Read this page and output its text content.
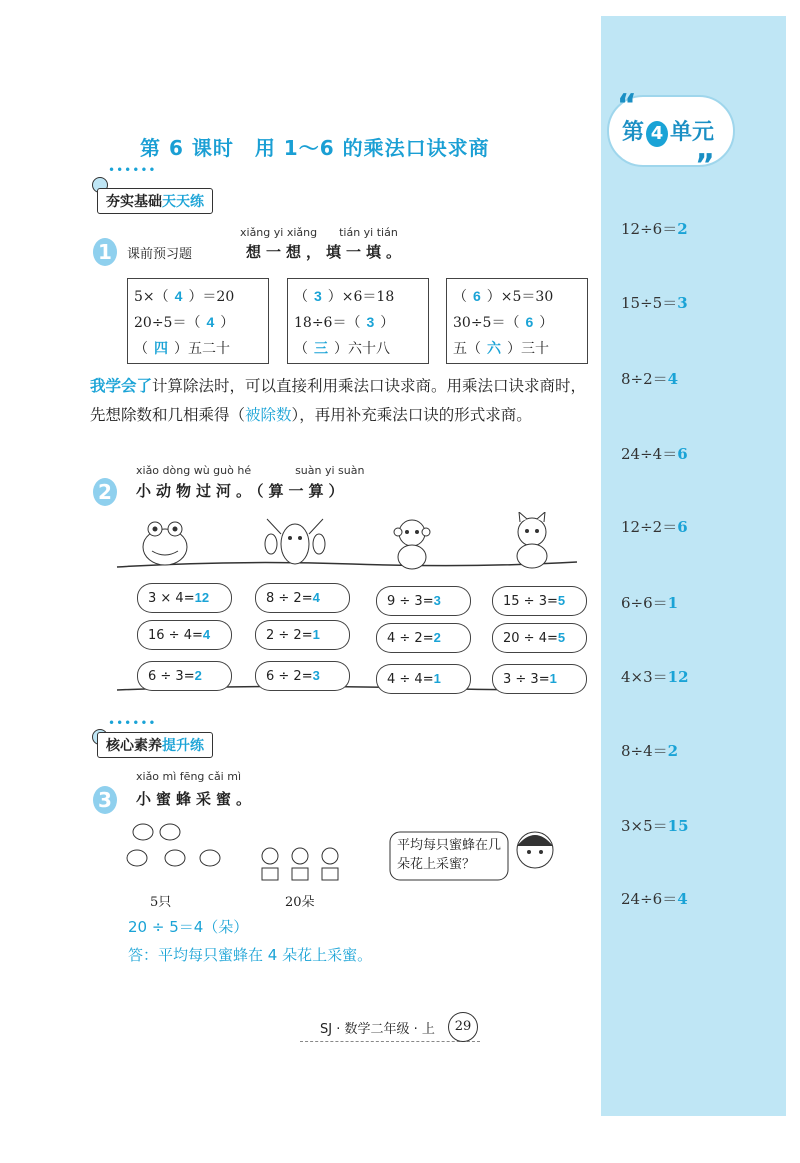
“
”
第 4 单元
12÷6＝2
15÷5＝3
8÷2＝4
24÷4＝6
12÷2＝6
6÷6＝1
4×3＝12
8÷4＝2
3×5＝15
24÷6＝4
第 6 课时　用 1～6 的乘法口诀求商
••••••
夯实基础天天练
1	课前预习题
xiǎng yi xiǎng　　tián yi tián
想一想，填一填。
5×（ 4 ）＝20
20÷5＝（ 4 ）
（ 四 ）五二十
（ 3 ）×6＝18
18÷6＝（ 3 ）
（ 三 ）六十八
（ 6 ）×5＝30
30÷5＝（ 6 ）
五（ 六 ）三十
我学会了计算除法时，可以直接利用乘法口诀求商。用乘法口诀求商时，先想除数和几相乘得（被除数），再用补充乘法口诀的形式求商。
2
xiǎo dòng wù guò hé　　　　suàn yi suàn
小动物过河。（算一算）
3 × 4=12
16 ÷ 4=4
6 ÷ 3=2
8 ÷ 2=4
2 ÷ 2=1
6 ÷ 2=3
9 ÷ 3=3
4 ÷ 2=2
4 ÷ 4=1
15 ÷ 3=5
20 ÷ 4=5
3 ÷ 3=1
••••••
核心素养提升练
3
xiǎo mì fēng cǎi mì
小蜜蜂采蜜。
平均每只蜜蜂在几朵花上采蜜？
5只	20朵
20 ÷ 5＝4（朵）
答：平均每只蜜蜂在 4 朵花上采蜜。
SJ · 数学二年级 · 上	29
